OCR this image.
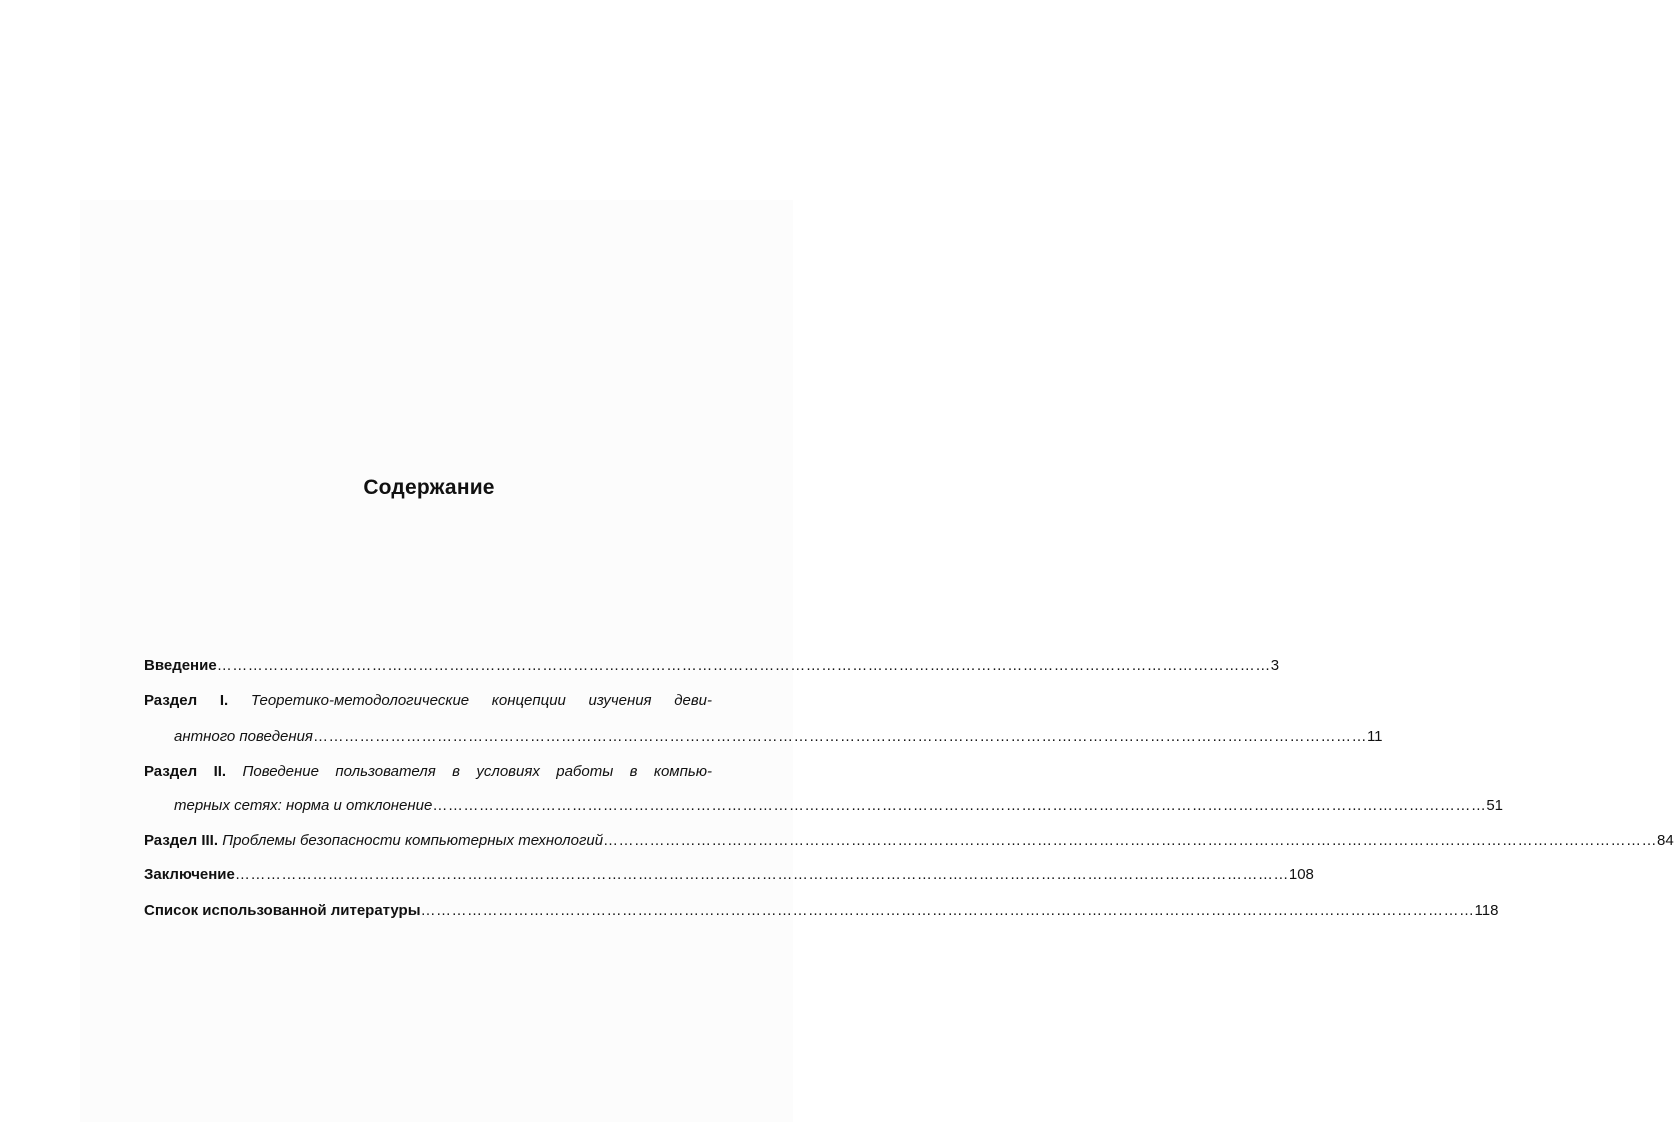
Содержание
Введение …………………………………………………………………………………………………………………………………………………………………………………… 3
Раздел I. Теоретико-методологические концепции изучения деви-
антного поведения …………………………………………………………………………………………………………………………………………………………………………………… 11
Раздел II. Поведение пользователя в условиях работы в компью-
терных сетях: норма и отклонение …………………………………………………………………………………………………………………………………………………………………………………… 51
Раздел III.
Проблемы безопасности компьютерных технологий …………………………………………………………………………………………………………………………………………………………………………………… 84
Заключение …………………………………………………………………………………………………………………………………………………………………………………… 108
Список использованной литературы …………………………………………………………………………………………………………………………………………………………………………………… 118
